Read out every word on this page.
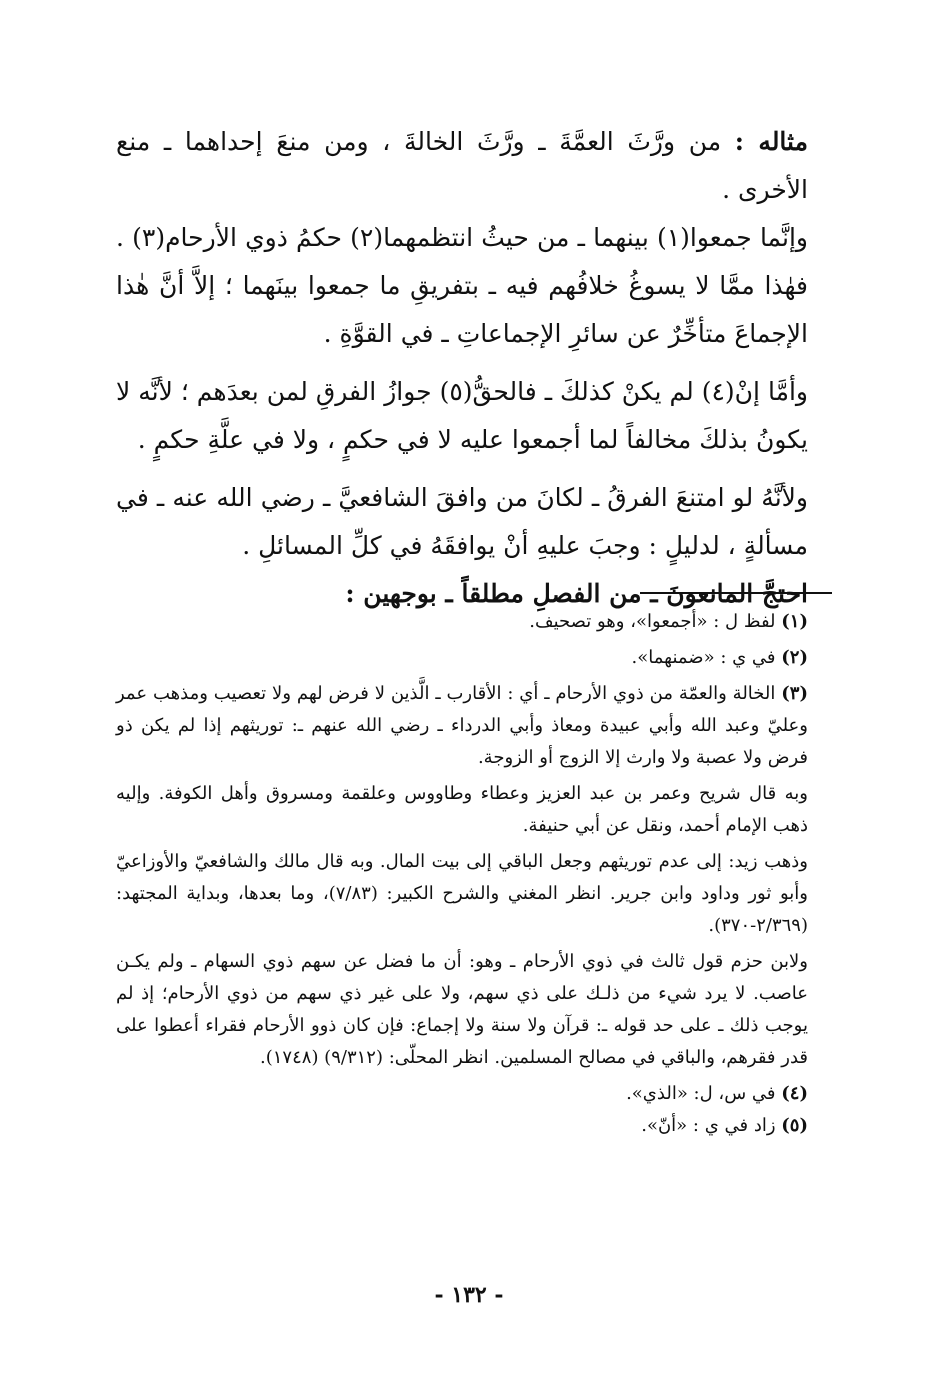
مثاله : من ورَّثَ العمَّةَ ـ ورَّثَ الخالةَ ، ومن منعَ إحداهما ـ منع الأخرى .

وإنَّما جمعوا(١) بينهما ـ من حيثُ انتظمهما(٢) حكمُ ذوي الأرحام(٣) . فهٰذا ممَّا لا يسوغُ خلافُهم فيه ـ بتفريقِ ما جمعوا بينَهما ؛ إلاَّ أنَّ هٰذا الإجماعَ متأخِّرٌ عن سائرِ الإجماعاتِ ـ في القوَّةِ .

وأمَّا إنْ(٤) لم يكنْ كذلكَ ـ فالحقُّ(٥) جوازُ الفرقِ لمن بعدَهم ؛ لأنَّه لا يكونُ بذلكَ مخالفاً لما أجمعوا عليه لا في حكمٍ ، ولا في علَّةِ حكمٍ .

ولأنَّهُ لو امتنعَ الفرقُ ـ لكانَ من وافقَ الشافعيَّ ـ رضي الله عنه ـ في مسألةٍ ، لدليلٍ : وجبَ عليهِ أنْ يوافقَهُ في كلِّ المسائلِ .

احتجَّ المانعونَ ـ من الفصلِ مطلقاً ـ بوجهين :

(١) لفظ ل : «أجمعوا»، وهو تصحيف.

(٢) في ي : «ضمنهما».

(٣) الخالة والعمّة من ذوي الأرحام ـ أي : الأقارب ـ الَّذين لا فرض لهم ولا تعصيب ومذهب عمر وعليّ وعبد الله وأبي عبيدة ومعاذ وأبي الدرداء ـ رضي الله عنهم ـ: توريثهم إذا لم يكن ذو فرض ولا عصبة ولا وارث إلا الزوج أو الزوجة.

وبه قال شريح وعمر بن عبد العزيز وعطاء وطاووس وعلقمة ومسروق وأهل الكوفة. وإليه ذهب الإمام أحمد، ونقل عن أبي حنيفة.

وذهب زيد: إلى عدم توريثهم وجعل الباقي إلى بيت المال. وبه قال مالك والشافعيّ والأوزاعيّ وأبو ثور وداود وابن جرير. انظر المغني والشرح الكبير: (٧/٨٣)، وما بعدها، وبداية المجتهد: (٢/٣٦٩-٣٧٠).

ولابن حزم قول ثالث في ذوي الأرحام ـ وهو: أن ما فضل عن سهم ذوي السهام ـ ولم يكـن عاصب. لا يرد شيء من ذلـك على ذي سهم، ولا على غير ذي سهم من ذوي الأرحام؛ إذ لم يوجب ذلك ـ على حد قوله ـ: قرآن ولا سنة ولا إجماع: فإن كان ذوو الأرحام فقراء أعطوا على قدر فقرهم، والباقي في مصالح المسلمين. انظر المحلّى: (٩/٣١٢) (١٧٤٨).

(٤) في س، ل: «الذي».

(٥) زاد في ي : «أنّ».

- ١٣٢ -
